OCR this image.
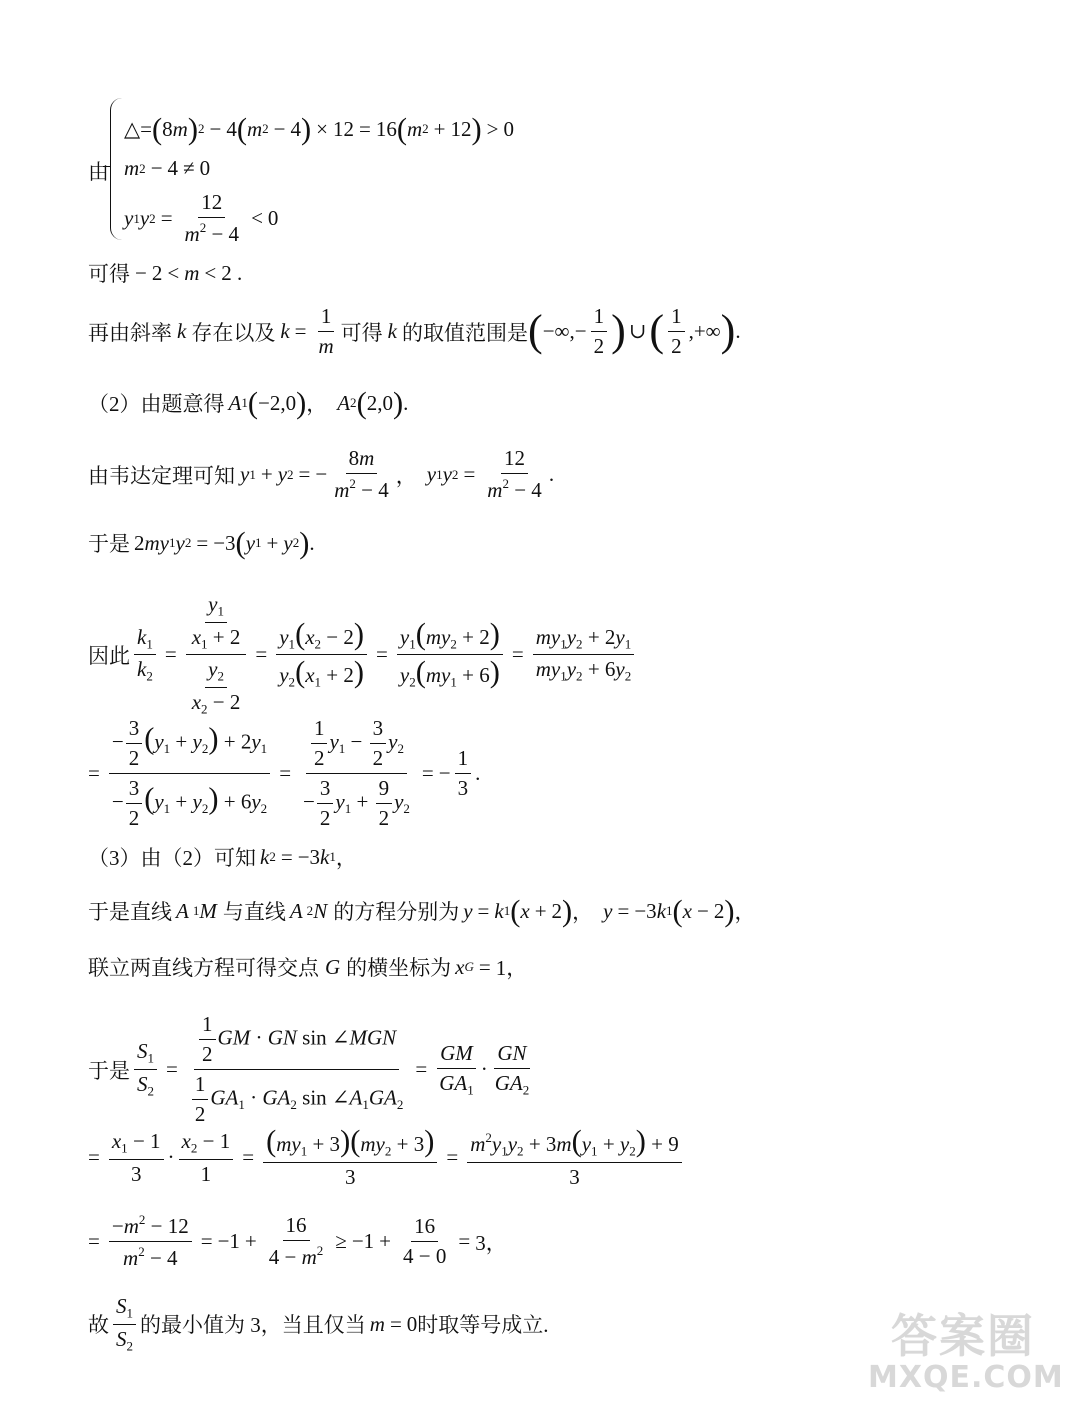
由
△= ( 8 m ) 2 − 4 ( m 2 − 4 ) × 12 = 16 ( m 2 + 12 ) > 0
m 2 − 4 ≠ 0
y 1 y $2 = \frac{12}{m^2 - 4} < 0$
可得 − 2 < m < 2 .
再由斜率 k 存在以及 $k = \frac{1}{m}$ 可得 k 的取值范围是 ( −∞,− $\frac{1}{2}$ ) ∪ ( $\frac{1}{2}$ ,+∞ ) .
（2）由题意得 A 1 ( −2,0 ) ， A 2 ( 2,0 ) .
由韦达定理可知 y 1 + y 2 = − $\frac{8m}{m^2 - 4}$ ， y 1 y $2 = \frac{12}{m^2 - 4}$ .
于是 2 my 1 y 2 = −3 ( y 1 + y 2 ) .
因此 $\frac{k_1}{k_2} = \frac{\frac{y_1}{x_1 + 2}}{\frac{y_2}{x_2 - 2}} = \frac{y_1(x_2 - 2)}{y_2(x_1 + 2)} = \frac{y_1(my_2 + 2)}{y_2(my_1 + 6)} = \frac{my_1y_2 + 2y_1}{my_1y_2 + 6y_2}$
= $\frac{- \frac{3}{2} (y_1 + y_2) + 2y_1}{- \frac{3}{2} (y_1 + y_2) + 6y_2} = \frac{\frac{1}{2} y_1 - \frac{3}{2} y_2}{- \frac{3}{2} y_1 + \frac{9}{2} y_2}$ = − $\frac{1}{3}$ .
（3）由（2）可知 k 2 = −3 k 1 ，
于是直线 A 1 M 与直线 A 2 N 的方程分别为 y = k 1 ( x + 2 ) ， y = −3 k 1 ( x − 2 ) ，
联立两直线方程可得交点 G 的横坐标为 x G = 1，
于是 $\frac{S_1}{S_2} = \frac{\frac{1}{2} GM \cdot GN \sin \angle MGN}{\frac{1}{2} GA_1 \cdot GA_2 \sin \angle A_1GA_2} = \frac{GM}{GA_1} \cdot \frac{GN}{GA_2}$
= $\frac{x_1 - 1}{3} \cdot \frac{x_2 - 1}{1} = \frac{(my_1 + 3)(my_2 + 3)}{3} = \frac{m^2y_1y_2 + 3m(y_1 + y_2) + 9}{3}$
= $\frac{-m^2 - 12}{m^2 - 4} = -1 + \frac{16}{4 - m^2} \ge -1 + \frac{16}{4 - 0} = 3$，
故 $\frac{S_1}{S_2}$ 的最小值为 3，当且仅当 m = 0 时取等号成立.	答案圈
MXQE.COM
